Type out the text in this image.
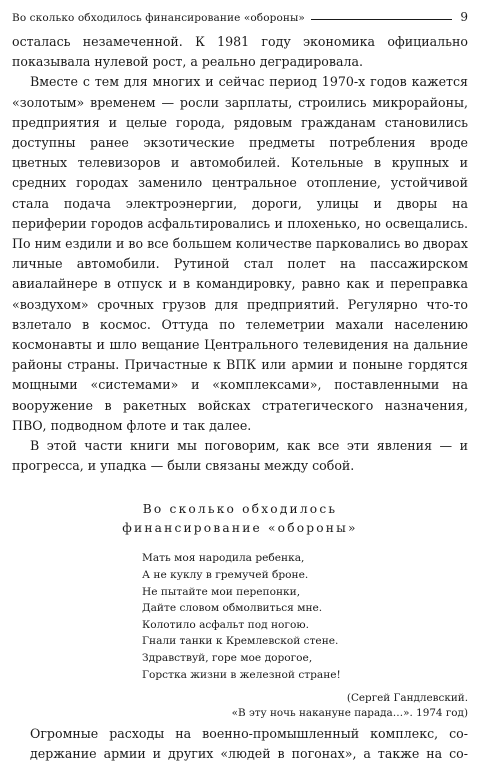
Во сколько обходилось финансирование «обороны»	9

осталась незамеченной. К 1981 году экономика официально показывала нулевой рост, а реально деградировала.

Вместе с тем для многих и сейчас период 1970-х годов кажется «золотым» временем — росли зарплаты, строились микрорайоны, предприятия и целые города, рядовым гражданам становились доступны ранее экзотические предметы потребления вроде цветных телевизоров и автомобилей. Котельные в крупных и средних городах заменило центральное отопление, устойчивой стала подача электроэнергии, дороги, улицы и дворы на периферии городов асфальтировались и плохенько, но освещались. По ним ездили и во все большем количестве парковались во дворах личные автомобили. Рутиной стал полет на пассажирском авиалайнере в отпуск и в командировку, равно как и переправка «воздухом» срочных грузов для предприятий. Регулярно что-то взлетало в космос. Оттуда по телеметрии махали населению космонавты и шло вещание Центрального телевидения на дальние районы страны. Причастные к ВПК или армии и поныне гордятся мощными «системами» и «комплексами», поставленными на вооружение в ракетных войсках стратегического назначения, ПВО, подводном флоте и так далее.

В этой части книги мы поговорим, как все эти явления — и прогресса, и упадка — были связаны между собой.

Во сколько обходилось
финансирование «обороны»
Мать моя народила ребенка,
А не куклу в гремучей броне.
Не пытайте мои перепонки,
Дайте словом обмолвиться мне.
Колотило асфальт под ногою.
Гнали танки к Кремлевской стене.
Здравствуй, горе мое дорогое,
Горстка жизни в железной стране!
(Сергей Гандлевский.
«В эту ночь накануне парада…». 1974 год)
Огромные расходы на военно-промышленный комплекс, со-
держание армии и других «людей в погонах», а также на со-
